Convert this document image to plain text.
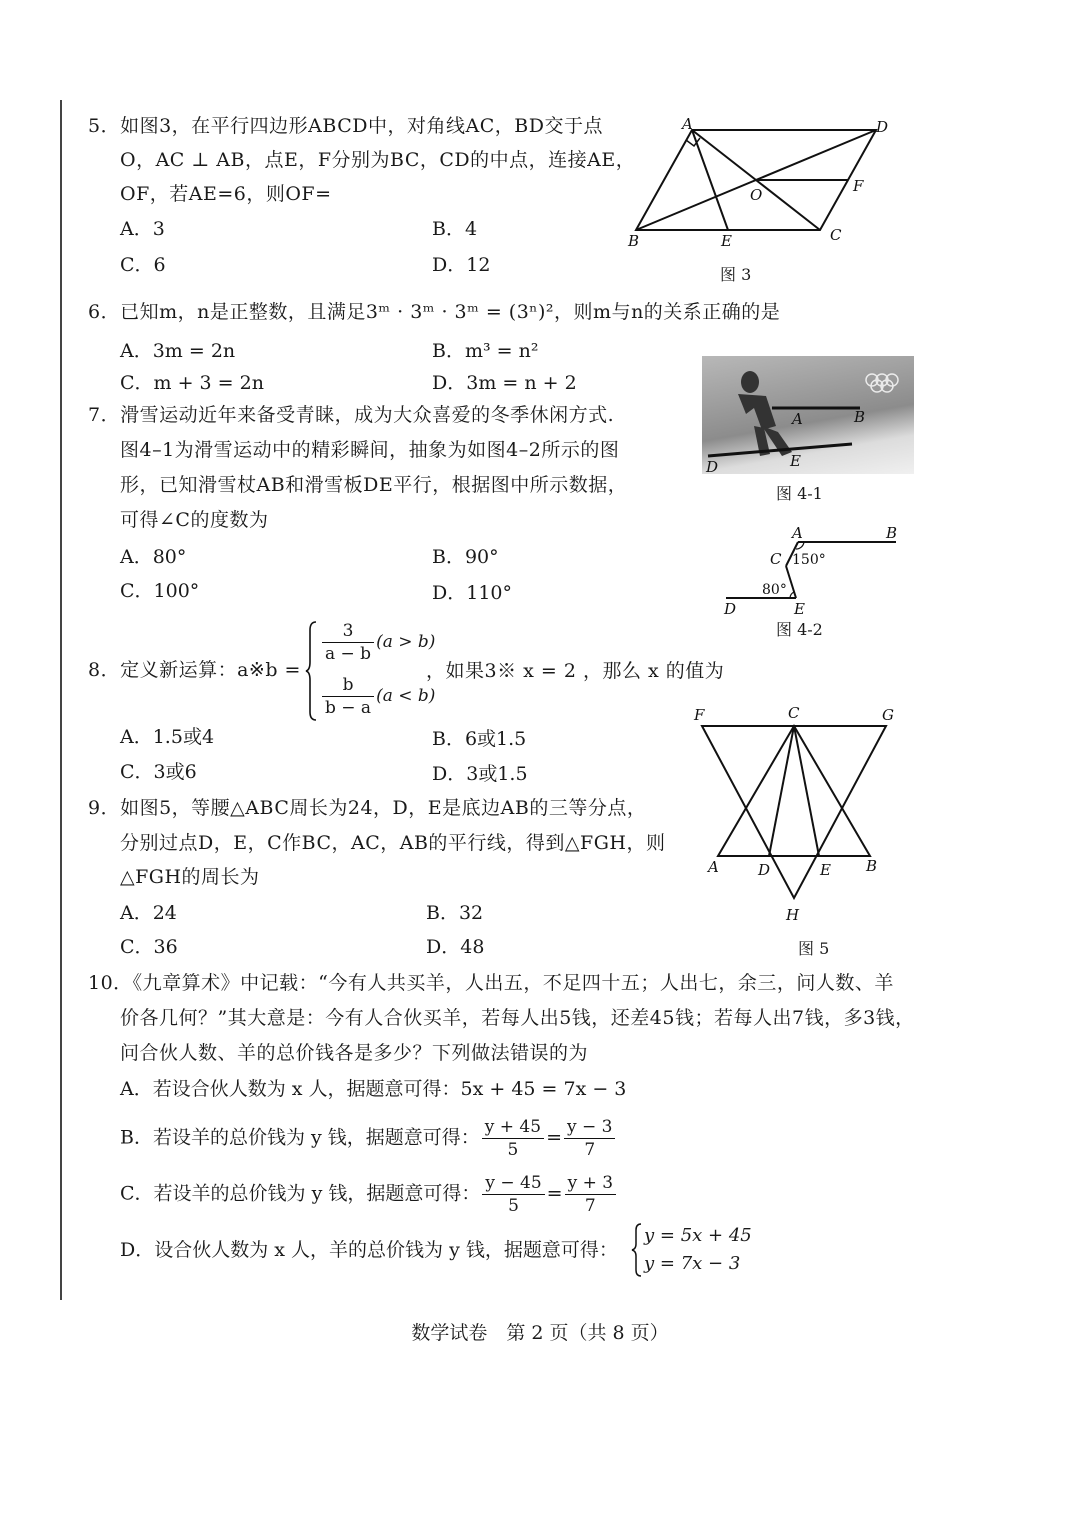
5．如图3，在平行四边形ABCD中，对角线AC，BD交于点
O，AC ⊥ AB，点E，F分别为BC，CD的中点，连接AE，
OF，若AE=6，则OF=
A．3	B．4
C．6	D．12
A	D
O	F
B	E	C
图 3
6．已知m，n是正整数，且满足3ᵐ · 3ᵐ · 3ᵐ = (3ⁿ)²，则m与n的关系正确的是
A．3m = 2n	B．m³ = n²
C．m + 3 = 2n	D．3m = n + 2
7．滑雪运动近年来备受青睐，成为大众喜爱的冬季休闲方式.
图4–1为滑雪运动中的精彩瞬间，抽象为如图4–2所示的图
形，已知滑雪杖AB和滑雪板DE平行，根据图中所示数据，
可得∠C的度数为
A．80°	B．90°
C．100°	D．110°
A	B
D	E
图 4-1
A	B
C
D	E
150°
80°
图 4-2
8．定义新运算：a※b =
$\frac{3}{a - b} (a > b)$
$\frac{b}{b - a} (a < b)$
，如果3※ x = 2 ，那么 x 的值为
A．1.5或4	B．6或1.5
C．3或6	D．3或1.5
9．如图5，等腰△ABC周长为24，D，E是底边AB的三等分点，
分别过点D，E，C作BC，AC，AB的平行线，得到△FGH，则
△FGH的周长为
A．24	B．32
C．36	D．48
F	C	G
A	D	E B
H
图 5
10．《九章算术》中记载：“今有人共买羊，人出五，不足四十五；人出七，余三，问人数、羊
价各几何？”其大意是：今有人合伙买羊，若每人出5钱，还差45钱；若每人出7钱，多3钱，
问合伙人数、羊的总价钱各是多少？下列做法错误的为
A．若设合伙人数为 x 人，据题意可得：5x + 45 = 7x − 3
B．若设羊的总价钱为 y 钱，据题意可得： $\frac{y + 45}{5} = \frac{y - 3}{7}$
C．若设羊的总价钱为 y 钱，据题意可得： $\frac{y - 45}{5} = \frac{y + 3}{7}$
D．设合伙人数为 x 人，羊的总价钱为 y 钱，据题意可得：
y = 5x + 45
y = 7x − 3
数学试卷　第 2 页（共 8 页）
